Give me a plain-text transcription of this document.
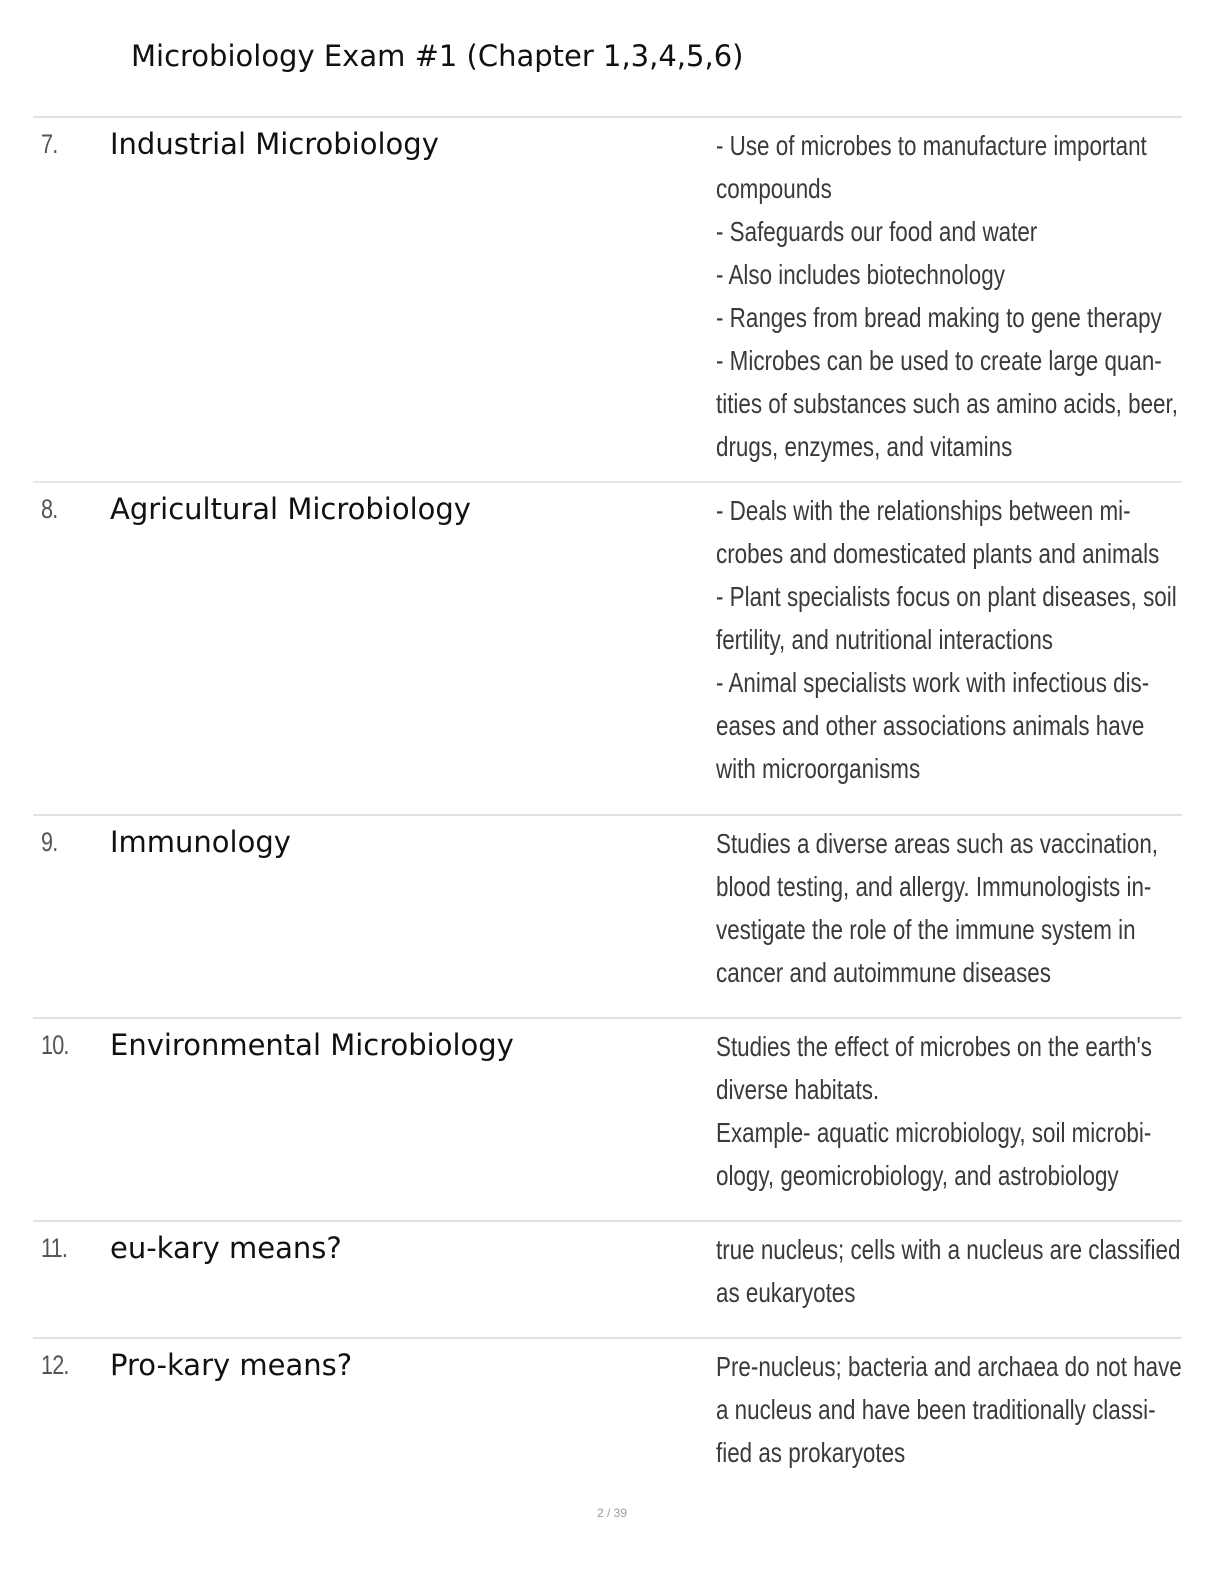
Microbiology Exam #1 (Chapter 1,3,4,5,6)
7. Industrial Microbiology	- Use of microbes to manufacture important
compounds
- Safeguards our food and water
- Also includes biotechnology
- Ranges from bread making to gene therapy
- Microbes can be used to create large quan-
tities of substances such as amino acids, beer,
drugs, enzymes, and vitamins
8. Agricultural Microbiology	- Deals with the relationships between mi-
crobes and domesticated plants and animals
- Plant specialists focus on plant diseases, soil
fertility, and nutritional interactions
- Animal specialists work with infectious dis-
eases and other associations animals have
with microorganisms
9. Immunology	Studies a diverse areas such as vaccination,
blood testing, and allergy. Immunologists in-
vestigate the role of the immune system in
cancer and autoimmune diseases
10. Environmental Microbiology	Studies the effect of microbes on the earth's
diverse habitats.
Example- aquatic microbiology, soil microbi-
ology, geomicrobiology, and astrobiology
11. eu-kary means?	true nucleus; cells with a nucleus are classified
as eukaryotes
12. Pro-kary means?	Pre-nucleus; bacteria and archaea do not have
a nucleus and have been traditionally classi-
fied as prokaryotes
2 / 39
